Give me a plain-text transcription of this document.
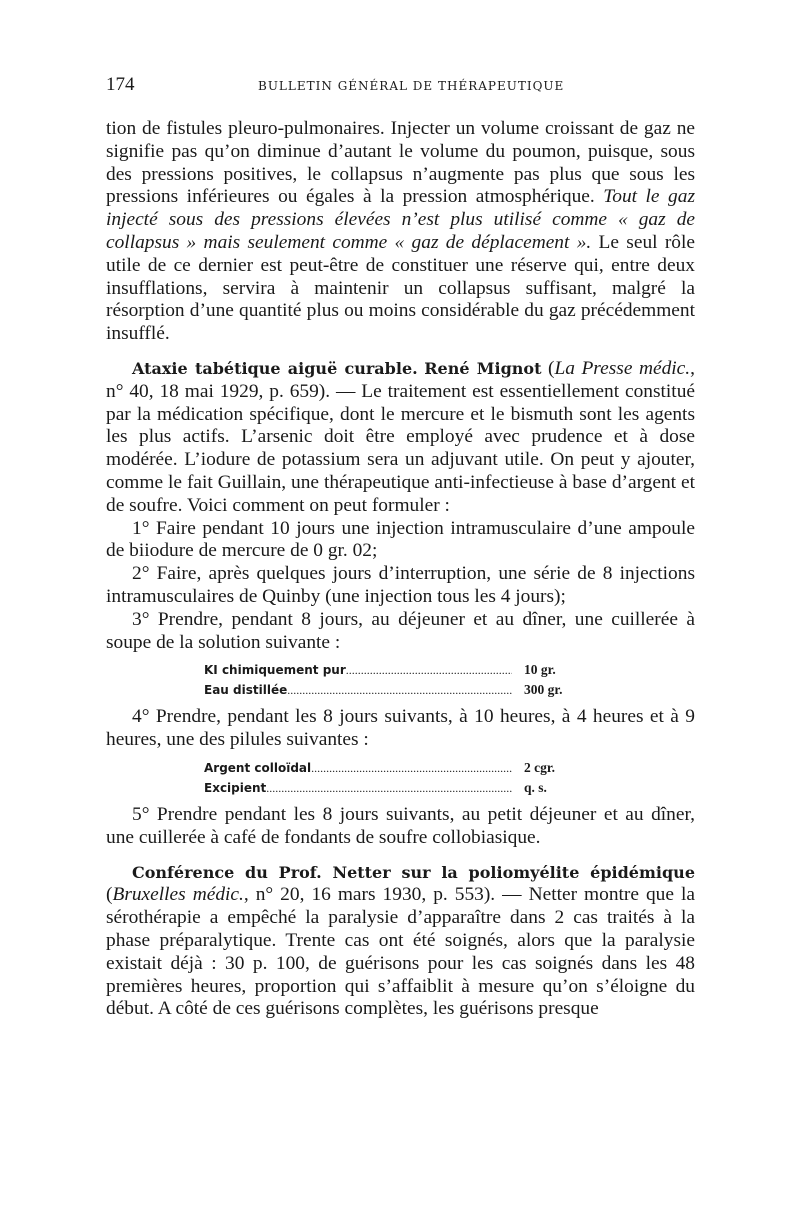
174	BULLETIN GÉNÉRAL DE THÉRAPEUTIQUE

tion de fistules pleuro-pulmonaires. Injecter un volume croissant de gaz ne signifie pas qu’on diminue d’autant le volume du poumon, puisque, sous des pressions positives, le collapsus n’augmente pas plus que sous les pressions inférieures ou égales à la pression atmosphérique. Tout le gaz injecté sous des pressions élevées n’est plus utilisé comme « gaz de collapsus » mais seulement comme « gaz de déplacement ». Le seul rôle utile de ce dernier est peut-être de constituer une réserve qui, entre deux insufflations, servira à maintenir un collapsus suffisant, malgré la résorption d’une quantité plus ou moins considérable du gaz précédemment insufflé.

Ataxie tabétique aiguë curable. René Mignot (La Presse médic., n° 40, 18 mai 1929, p. 659). — Le traitement est essentiellement constitué par la médication spécifique, dont le mercure et le bismuth sont les agents les plus actifs. L’arsenic doit être employé avec prudence et à dose modérée. L’iodure de potassium sera un adjuvant utile. On peut y ajouter, comme le fait Guillain, une thérapeutique anti-infectieuse à base d’argent et de soufre. Voici comment on peut formuler :

1° Faire pendant 10 jours une injection intramusculaire d’une ampoule de biiodure de mercure de 0 gr. 02;

2° Faire, après quelques jours d’interruption, une série de 8 injections intramusculaires de Quinby (une injection tous les 4 jours);

3° Prendre, pendant 8 jours, au déjeuner et au dîner, une cuillerée à soupe de la solution suivante :

KI chimiquement pur .....	10 gr.
Eau distillée .....	300 gr.

4° Prendre, pendant les 8 jours suivants, à 10 heures, à 4 heures et à 9 heures, une des pilules suivantes :

Argent colloïdal .....	2 cgr.
Excipient .....	q. s.

5° Prendre pendant les 8 jours suivants, au petit déjeuner et au dîner, une cuillerée à café de fondants de soufre collobiasique.

Conférence du Prof. Netter sur la poliomyélite épidémique (Bruxelles médic., n° 20, 16 mars 1930, p. 553). — Netter montre que la sérothérapie a empêché la paralysie d’apparaître dans 2 cas traités à la phase préparalytique. Trente cas ont été soignés, alors que la paralysie existait déjà : 30 p. 100, de guérisons pour les cas soignés dans les 48 premières heures, proportion qui s’affaiblit à mesure qu’on s’éloigne du début. A côté de ces guérisons complètes, les guérisons presque
